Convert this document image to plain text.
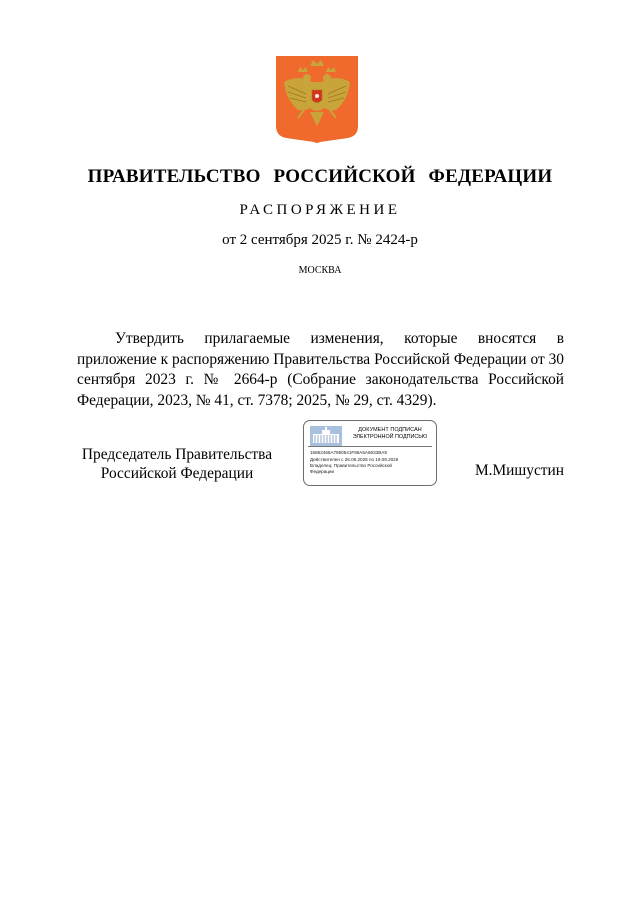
ПРАВИТЕЛЬСТВО РОССИЙСКОЙ ФЕДЕРАЦИИ
РАСПОРЯЖЕНИЕ
от 2 сентября 2025 г. № 2424-р
МОСКВА

Утвердить прилагаемые изменения, которые вносятся в приложение к распоряжению Правительства Российской Федерации от 30 сентября 2023 г. № 2664-р (Собрание законодательства Российской Федерации, 2023, № 41, ст. 7378; 2025, № 29, ст. 4329).

Председатель Правительства
Российской Федерации
ДОКУМЕНТ ПОДПИСАН
ЭЛЕКТРОННОЙ ПОДПИСЬЮ
16862466A7950541F86A5A6633BA9
Действителен с 26.06.2025 по 19.09.2026
Владелец: Правительство Российской
Федерации	М.Мишустин
